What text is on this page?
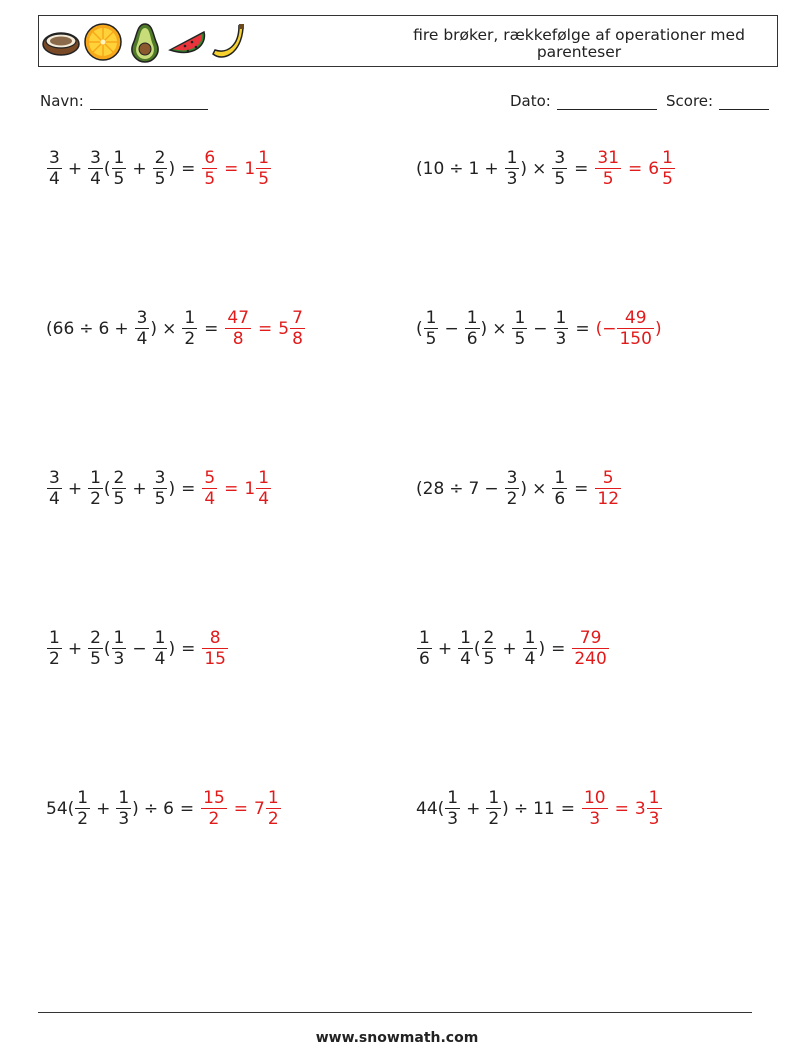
fire brøker, rækkefølge af operationer med parenteser
Navn:	Dato:	Score:
3
4
+
3
4
(
1
5
+
2
5
) =
6
5
= 1
1
5
(10 ÷ 1 +
1
3
) ×
3
5
=
31
5
= 6
1
5
(66 ÷ 6 +
3
4
) ×
1
2
=
47
8
= 5
7
8
(
1
5
−
1
6
) ×
1
5
−
1
3
= (−
49
150
)
3
4
+
1
2
(
2
5
+
3
5
) =
5
4
= 1
1
4
(28 ÷ 7 −
3
2
) ×
1
6
=
5
12
1
2
+
2
5
(
1
3
−
1
4
) =
8
15
1
6
+
1
4
(
2
5
+
1
4
) =
79
240
54(
1
2
+
1
3
) ÷ 6 =
15
2
= 7
1
2
44(
1
3
+
1
2
) ÷ 11 =
10
3
= 3
1
3
www.snowmath.com
